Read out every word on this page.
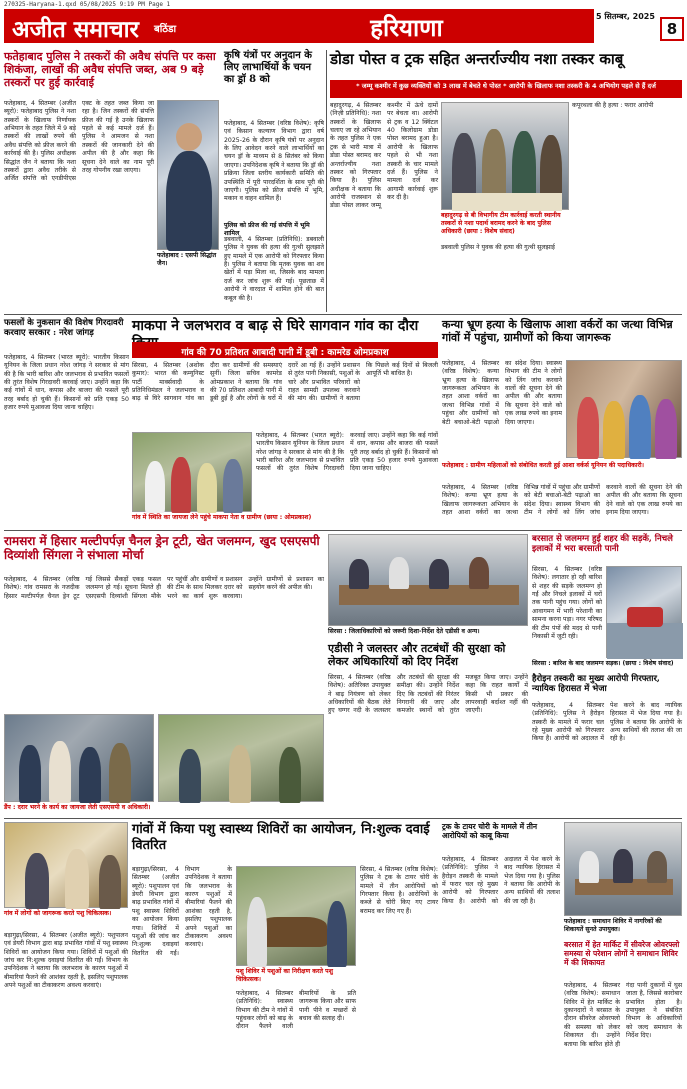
270325-Haryana-1.qxd 05/08/2025 9:19 PM Page 1
अजीत समाचार	बठिंडा	हरियाणा	5 सितम्बर, 2025
8
फतेहाबाद पुलिस ने तस्करों की अवैध संपत्ति पर कसा शिकंजा, लाखों की अवैध संपत्ति जब्त, अब 9 बड़े तस्करों पर हुई कार्रवाई
फतेहाबाद, 4 सितम्बर (अजीत ब्यूरो): फतेहाबाद पुलिस ने नशा तस्करों के खिलाफ निर्णायक अभियान के तहत जिले में 9 बड़े तस्करों की लाखों रुपये की अवैध संपत्ति को फ्रीज करने की कार्रवाई की है। पुलिस अधीक्षक सिद्धांत जैन ने बताया कि नशा तस्करों द्वारा अवैध तरीके से अर्जित संपत्ति को एनडीपीएस एक्ट के तहत जब्त किया जा रहा है। जिन तस्करों की संपत्ति फ्रीज की गई है उनके खिलाफ पहले से कई मामले दर्ज हैं। पुलिस ने आमजन से नशा तस्करों की जानकारी देने की अपील की है और कहा कि सूचना देने वाले का नाम पूरी तरह गोपनीय रखा जाएगा।
फतेहाबाद : एसपी सिद्धांत जैन।
कृषि यंत्रों पर अनुदान के लिए लाभार्थियों के चयन का ड्रॉ 8 को
फतेहाबाद, 4 सितम्बर (वरिष्ठ विशेष): कृषि एवं किसान कल्याण विभाग द्वारा वर्ष 2025-26 के दौरान कृषि यंत्रों पर अनुदान के लिए आवेदन करने वाले लाभार्थियों का चयन ड्रॉ के माध्यम से 8 सितंबर को किया जाएगा। उपनिदेशक कृषि ने बताया कि ड्रॉ की प्रक्रिया जिला स्तरीय कार्यकारी समिति की उपस्थिति में पूरी पारदर्शिता के साथ पूरी की जाएगी। पुलिस को फ्रीज संपत्ति में भूमि, मकान व वाहन शामिल हैं।
पुलिस को फ्रीज की गई संपत्ति में भूमि शामिल
डबवाली, 4 सितम्बर (प्रतिनिधि): डबवाली पुलिस ने युवक की हत्या की गुत्थी सुलझाते हुए मामले में एक आरोपी को गिरफ्तार किया है। पुलिस ने बताया कि मृतक युवक का शव खेतों में पड़ा मिला था, जिसके बाद मामला दर्ज कर जांच शुरू की गई। पूछताछ में आरोपी ने वारदात में शामिल होने की बात कबूल की है।
डोडा पोस्त व ट्रक सहित अन्तर्राज्यीय नशा तस्कर काबू
* जम्मू कश्मीर में कुछ व्यक्तियों को 3 लाख में बेचते थे पोस्त * आरोपी के खिलाफ नशा तस्करी के 4 अभियोग पहले से हैं दर्ज
बहादुरगढ़, 4 सितम्बर (निज़ी प्रतिनिधि): नशा तस्करों के खिलाफ चलाए जा रहे अभियान के तहत पुलिस ने एक ट्रक से भारी मात्रा में डोडा पोस्त बरामद कर अन्तर्राज्यीय नशा तस्कर को गिरफ्तार किया है। पुलिस अधीक्षक ने बताया कि आरोपी राजस्थान से डोडा पोस्त लाकर जम्मू कश्मीर में ऊंचे दामों पर बेचता था। आरोपी से ट्रक व 12 क्विंटल 40 किलोग्राम डोडा पोस्त बरामद हुआ है। आरोपी के खिलाफ पहले से भी नशा तस्करी के चार मामले दर्ज हैं। पुलिस ने मामला दर्ज कर आगामी कार्रवाई शुरू कर दी है।
बहादुरगढ़ से बी विभागीय टीम कार्रवाई करती स्थानीय तस्करों से नशा पदार्थ बरामद करने के बाद पुलिस अधिकारी (छाया : विशेष संवाद)
डबवाली पुलिस ने युवक की हत्या की गुत्थी सुलझाई
कपूरथला की है हत्या : फरार आरोपी
फसलों के नुकसान की विशेष गिरदावरी करवाए सरकार : नरेश जांगड़
फतेहाबाद, 4 सितम्बर (भारत ब्यूरो): भारतीय किसान यूनियन के जिला प्रधान नरेश जांगड़ ने सरकार से मांग की है कि भारी बारिश और जलभराव से प्रभावित फसलों की तुरंत विशेष गिरदावरी करवाई जाए। उन्होंने कहा कि कई गांवों में धान, कपास और बाजरा की फसलें पूरी तरह बर्बाद हो चुकी हैं। किसानों को प्रति एकड़ 50 हजार रुपये मुआवजा दिया जाना चाहिए।
माकपा ने जलभराव व बाढ़ से घिरे सागवान गांव का दौरा
गांव की 70 प्रतिशत आबादी पानी में डूबी : कामरेड ओमप्रकाश
सिरसा, 4 सितम्बर (अशोक कुमार): भारत की कम्युनिस्ट पार्टी मार्क्सवादी के प्रतिनिधिमंडल ने जलभराव व बाढ़ से घिरे सागवान गांव का दौरा कर ग्रामीणों की समस्याएं सुनीं। जिला सचिव कामरेड ओमप्रकाश ने बताया कि गांव की 70 प्रतिशत आबादी पानी में डूबी हुई है और लोगों के घरों में दरारें आ गई हैं। उन्होंने प्रशासन से तुरंत पानी निकासी, पशुओं के चारे और प्रभावित परिवारों को राहत सामग्री उपलब्ध करवाने की मांग की। ग्रामीणों ने बताया कि पिछले कई दिनों से बिजली आपूर्ति भी बाधित है।
गांव में स्थिति का जायजा लेने पहुंचे माकपा नेता व ग्रामीण (छाया : ओमप्रकाश)
फतेहाबाद, 4 सितम्बर (भारत ब्यूरो): भारतीय किसान यूनियन के जिला प्रधान नरेश जांगड़ ने सरकार से मांग की है कि भारी बारिश और जलभराव से प्रभावित फसलों की तुरंत विशेष गिरदावरी करवाई जाए। उन्होंने कहा कि कई गांवों में धान, कपास और बाजरा की फसलें पूरी तरह बर्बाद हो चुकी हैं। किसानों को प्रति एकड़ 50 हजार रुपये मुआवजा दिया जाना चाहिए।
कन्या भ्रूण हत्या के खिलाफ आशा वर्करों का जत्था विभिन्न गांवों में पहुंचा, ग्रामीणों को किया जागरूक
फतेहाबाद, 4 सितम्बर (वरिष्ठ विशेष): कन्या भ्रूण हत्या के खिलाफ जागरूकता अभियान के तहत आशा वर्करों का जत्था विभिन्न गांवों में पहुंचा और ग्रामीणों को बेटी बचाओ-बेटी पढ़ाओ का संदेश दिया। स्वास्थ्य विभाग की टीम ने लोगों को लिंग जांच करवाने वालों की सूचना देने की अपील की और बताया कि सूचना देने वाले को एक लाख रुपये का इनाम दिया जाएगा।
फतेहाबाद : ग्रामीण महिलाओं को संबोधित करती हुई आशा वर्कर्स यूनियन की पदाधिकारी।
फतेहाबाद, 4 सितम्बर (वरिष्ठ विशेष): कन्या भ्रूण हत्या के खिलाफ जागरूकता अभियान के तहत आशा वर्करों का जत्था विभिन्न गांवों में पहुंचा और ग्रामीणों को बेटी बचाओ-बेटी पढ़ाओ का संदेश दिया। स्वास्थ्य विभाग की टीम ने लोगों को लिंग जांच करवाने वालों की सूचना देने की अपील की और बताया कि सूचना देने वाले को एक लाख रुपये का इनाम दिया जाएगा।
रामसरा में हिसार मल्टीपर्पज़ चैनल ड्रेन टूटी, खेत जलमग्न, खुद एसएसपी दिव्यांशी सिंगला ने संभाला मोर्चा
फतेहाबाद, 4 सितम्बर (वरिष्ठ विशेष): गांव रामसरा के नजदीक हिसार मल्टीपर्पज़ चैनल ड्रेन टूट गई जिससे सैकड़ों एकड़ फसल जलमग्न हो गई। सूचना मिलते ही एसएसपी दिव्यांशी सिंगला मौके पर पहुंचीं और ग्रामीणों व प्रशासन की टीम के साथ मिलकर दरार को भरने का कार्य शुरू करवाया। उन्होंने ग्रामीणों से प्रशासन का सहयोग करने की अपील की।
डैंप : दरार भरने के कार्य का जायजा लेती एसएसपी व अधिकारी।
सिरसा : जिलाधिकारियों को जरूरी दिशा-निर्देश देते एडीसी व अन्य।
एडीसी ने जलस्तर और तटबंधों की सुरक्षा को लेकर अधिकारियों को दिए निर्देश
सिरसा, 4 सितम्बर (वरिष्ठ विशेष): अतिरिक्त उपायुक्त ने बाढ़ नियंत्रण को लेकर अधिकारियों की बैठक लेते हुए घग्गर नदी के जलस्तर और तटबंधों की सुरक्षा की समीक्षा की। उन्होंने निर्देश दिए कि तटबंधों की निरंतर निगरानी की जाए और कमजोर स्थानों को तुरंत मजबूत किया जाए। उन्होंने कहा कि राहत कार्यों में किसी भी प्रकार की लापरवाही बर्दाश्त नहीं की जाएगी।
बरसात से जलमग्न हुई शहर की सड़कें, निचले इलाकों में भरा बरसाती पानी
सिरसा, 4 सितम्बर (वरिष्ठ विशेष): लगातार हो रही बारिश से शहर की सड़कें जलमग्न हो गईं और निचले इलाकों में घरों तक पानी पहुंच गया। लोगों को आवागमन में भारी परेशानी का सामना करना पड़ा। नगर परिषद की टीम पंपों की मदद से पानी निकासी में जुटी रही।
सिरसा : बारिश के बाद जलमग्न सड़क। (छाया : विशेष संवाद)
हैरोइन तस्करी का मुख्य आरोपी गिरफ्तार, न्यायिक हिरासत में भेजा
फतेहाबाद, 4 सितम्बर (प्रतिनिधि): पुलिस ने हैरोइन तस्करी के मामले में फरार चल रहे मुख्य आरोपी को गिरफ्तार किया है। आरोपी को अदालत में पेश करने के बाद न्यायिक हिरासत में भेज दिया गया है। पुलिस ने बताया कि आरोपी के अन्य साथियों की तलाश की जा रही है।
गांवों में किया पशु स्वास्थ्य शिविरों का आयोजन, नि:शुल्क दवाई वितरित
गांव में लोगों को जागरूक करते पशु चिकित्सक।
बड़ागुढ़ा/सिरसा, 4 सितम्बर (अजीत ब्यूरो): पशुपालन एवं डेयरी विभाग द्वारा बाढ़ प्रभावित गांवों में पशु स्वास्थ्य शिविरों का आयोजन किया गया। शिविरों में पशुओं की जांच कर नि:शुल्क दवाइयां वितरित की गईं। विभाग के उपनिदेशक ने बताया कि जलभराव के कारण पशुओं में बीमारियां फैलने की आशंका रहती है, इसलिए पशुपालक अपने पशुओं का टीकाकरण अवश्य करवाएं।
बड़ागुढ़ा/सिरसा, 4 सितम्बर (अजीत ब्यूरो): पशुपालन एवं डेयरी विभाग द्वारा बाढ़ प्रभावित गांवों में पशु स्वास्थ्य शिविरों का आयोजन किया गया। शिविरों में पशुओं की जांच कर नि:शुल्क दवाइयां वितरित की गईं। विभाग के उपनिदेशक ने बताया कि जलभराव के कारण पशुओं में बीमारियां फैलने की आशंका रहती है, इसलिए पशुपालक अपने पशुओं का टीकाकरण अवश्य करवाएं।
पशु शिविर में पशुओं का निरीक्षण करते पशु चिकित्सक।
सिरसा, 4 सितम्बर (वरिष्ठ विशेष): पुलिस ने ट्रक के टायर चोरी के मामले में तीन आरोपियों को गिरफ्तार किया है। आरोपियों के कब्जे से चोरी किए गए टायर बरामद कर लिए गए हैं।
फतेहाबाद, 4 सितम्बर (प्रतिनिधि): स्वास्थ्य विभाग की टीम ने गांवों में पहुंचकर लोगों को बाढ़ के दौरान फैलने वाली बीमारियों के प्रति जागरूक किया और साफ पानी पीने व मच्छरों से बचाव की सलाह दी।
ट्रक के टायर चोरी के मामले में तीन आरोपियों को काबू किया
फतेहाबाद, 4 सितम्बर (प्रतिनिधि): पुलिस ने हैरोइन तस्करी के मामले में फरार चल रहे मुख्य आरोपी को गिरफ्तार किया है। आरोपी को अदालत में पेश करने के बाद न्यायिक हिरासत में भेज दिया गया है। पुलिस ने बताया कि आरोपी के अन्य साथियों की तलाश की जा रही है।
फतेहाबाद : समाधान शिविर में नागरिकों की शिकायतें सुनते उपायुक्त।
बरसात में हेत मार्किट में सीवरेज ओवरफ्लो समस्या से परेशान लोगों ने समाधान शिविर में की शिकायत
फतेहाबाद, 4 सितम्बर (वरिष्ठ विशेष): समाधान शिविर में हेत मार्किट के दुकानदारों ने बरसात के दौरान सीवरेज ओवरफ्लो की समस्या को लेकर शिकायत दी। उन्होंने बताया कि बारिश होते ही गंदा पानी दुकानों में घुस जाता है, जिससे कारोबार प्रभावित होता है। उपायुक्त ने संबंधित विभाग के अधिकारियों को जल्द समाधान के निर्देश दिए।
